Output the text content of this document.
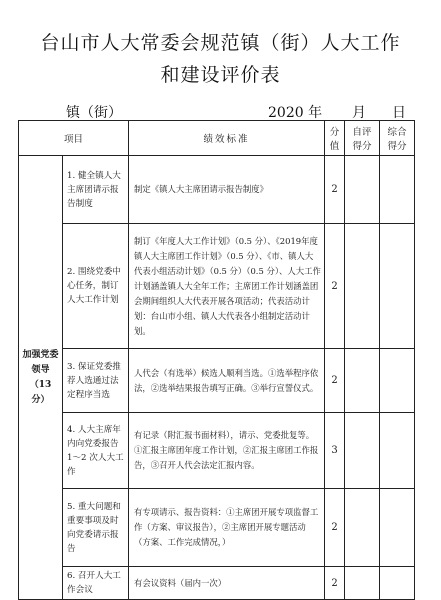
台山市人大常委会规范镇（街）人大工作
和建设评价表
镇（街）	2020 年 月 日
项目		绩效标准	分值	自评得分	综合得分
加强党委领导（13 分）	1. 健全镇人大主席团请示报告制度	制定《镇人大主席团请示报告制度》	2		
	2. 围绕党委中心任务，制订人大工作计划	制订《年度人大工作计划》（0.5 分）、《2019年度镇人大主席团工作计划》（0.5 分）、《市、镇人大代表小组活动计划》（0.5 分）（0.5 分）、人大工作计划涵盖镇人大全年工作；主席团工作计划涵盖团会期间组织人大代表开展各项活动；代表活动计划：台山市小组、镇人大代表各小组制定活动计划。	2		
	3. 保证党委推荐人选通过法定程序当选	人代会（有选举）候选人顺利当选。①选举程序依法，②选举结果报告填写正确。③举行宣誓仪式。	2		
	4. 人大主席年内向党委报告 1～2 次人大工作	有记录（附汇报书面材料），请示、党委批复等。①汇报主席团年度工作计划，②汇报主席团工作报告，③召开人代会法定汇报内容。	3		
	5. 重大问题和重要事项及时向党委请示报告	有专项请示、报告资料：①主席团开展专项监督工作（方案、审议报告），②主席团开展专题活动（方案、工作完成情况，）	2		
	6. 召开人大工作会议	有会议资料（届内一次）	2		
